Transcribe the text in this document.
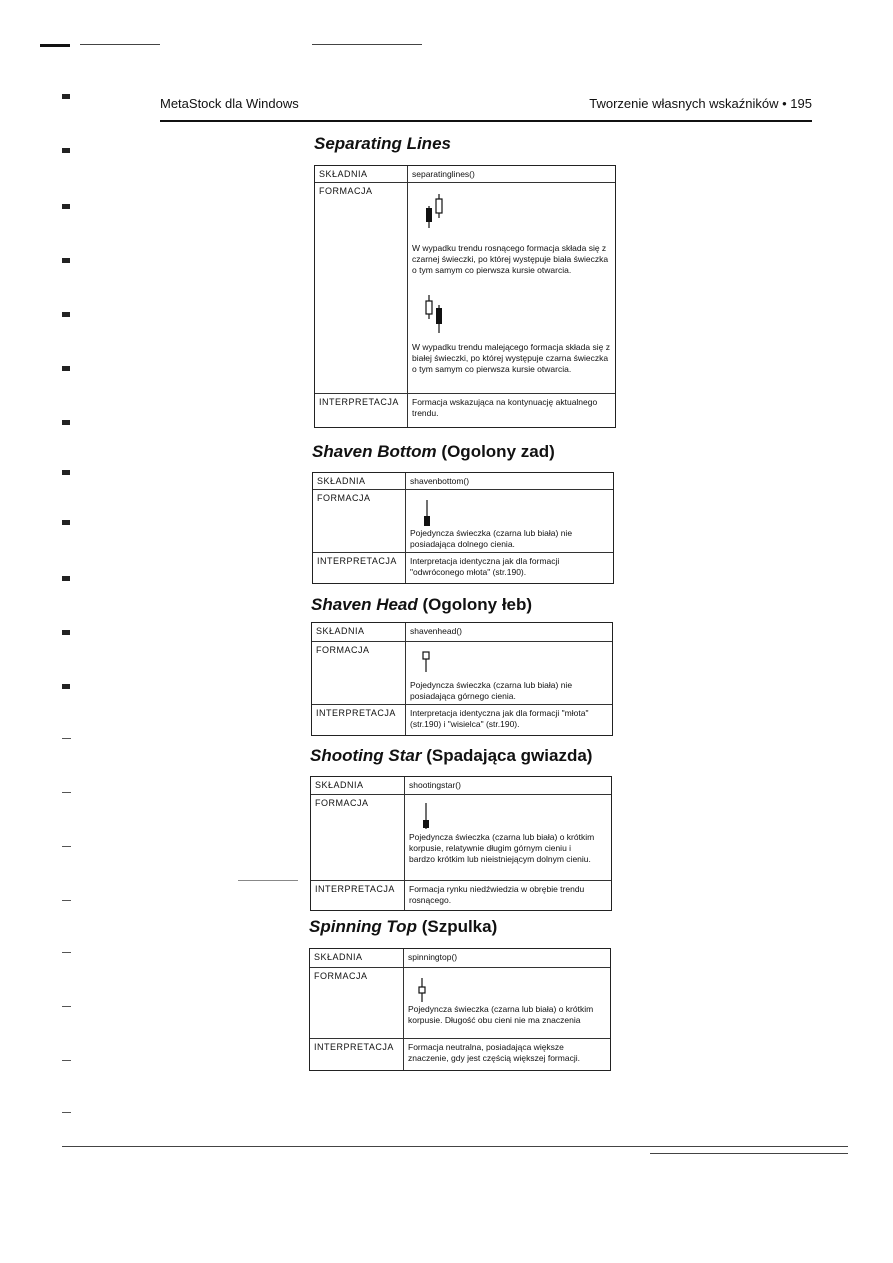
MetaStock dla Windows	Tworzenie własnych wskaźników • 195
Separating Lines
SKŁADNIA	separatinglines()
FORMACJA
W wypadku trendu rosnącego formacja składa się z czarnej świeczki, po której występuje biała świeczka o tym samym co pierwsza kursie otwarcia.
W wypadku trendu malejącego formacja składa się z białej świeczki, po której występuje czarna świeczka o tym samym co pierwsza kursie otwarcia.
INTERPRETACJA Formacja wskazująca na kontynuację aktualnego trendu.
Shaven Bottom (Ogolony zad)
SKŁADNIA	shavenbottom()
FORMACJA
Pojedyncza świeczka (czarna lub biała) nie posiadająca dolnego cienia.
INTERPRETACJA Interpretacja identyczna jak dla formacji "odwróconego młota" (str.190).
Shaven Head (Ogolony łeb)
SKŁADNIA	shavenhead()
FORMACJA
Pojedyncza świeczka (czarna lub biała) nie posiadająca górnego cienia.
INTERPRETACJA Interpretacja identyczna jak dla formacji "młota" (str.190) i "wisielca" (str.190).
Shooting Star (Spadająca gwiazda)
SKŁADNIA	shootingstar()
FORMACJA
Pojedyncza świeczka (czarna lub biała) o krótkim korpusie, relatywnie długim górnym cieniu i bardzo krótkim lub nieistniejącym dolnym cieniu.
INTERPRETACJA Formacja rynku niedźwiedzia w obrębie trendu rosnącego.
Spinning Top (Szpulka)
SKŁADNIA	spinningtop()
FORMACJA
Pojedyncza świeczka (czarna lub biała) o krótkim korpusie. Długość obu cieni nie ma znaczenia
INTERPRETACJA Formacja neutralna, posiadająca większe znaczenie, gdy jest częścią większej formacji.
